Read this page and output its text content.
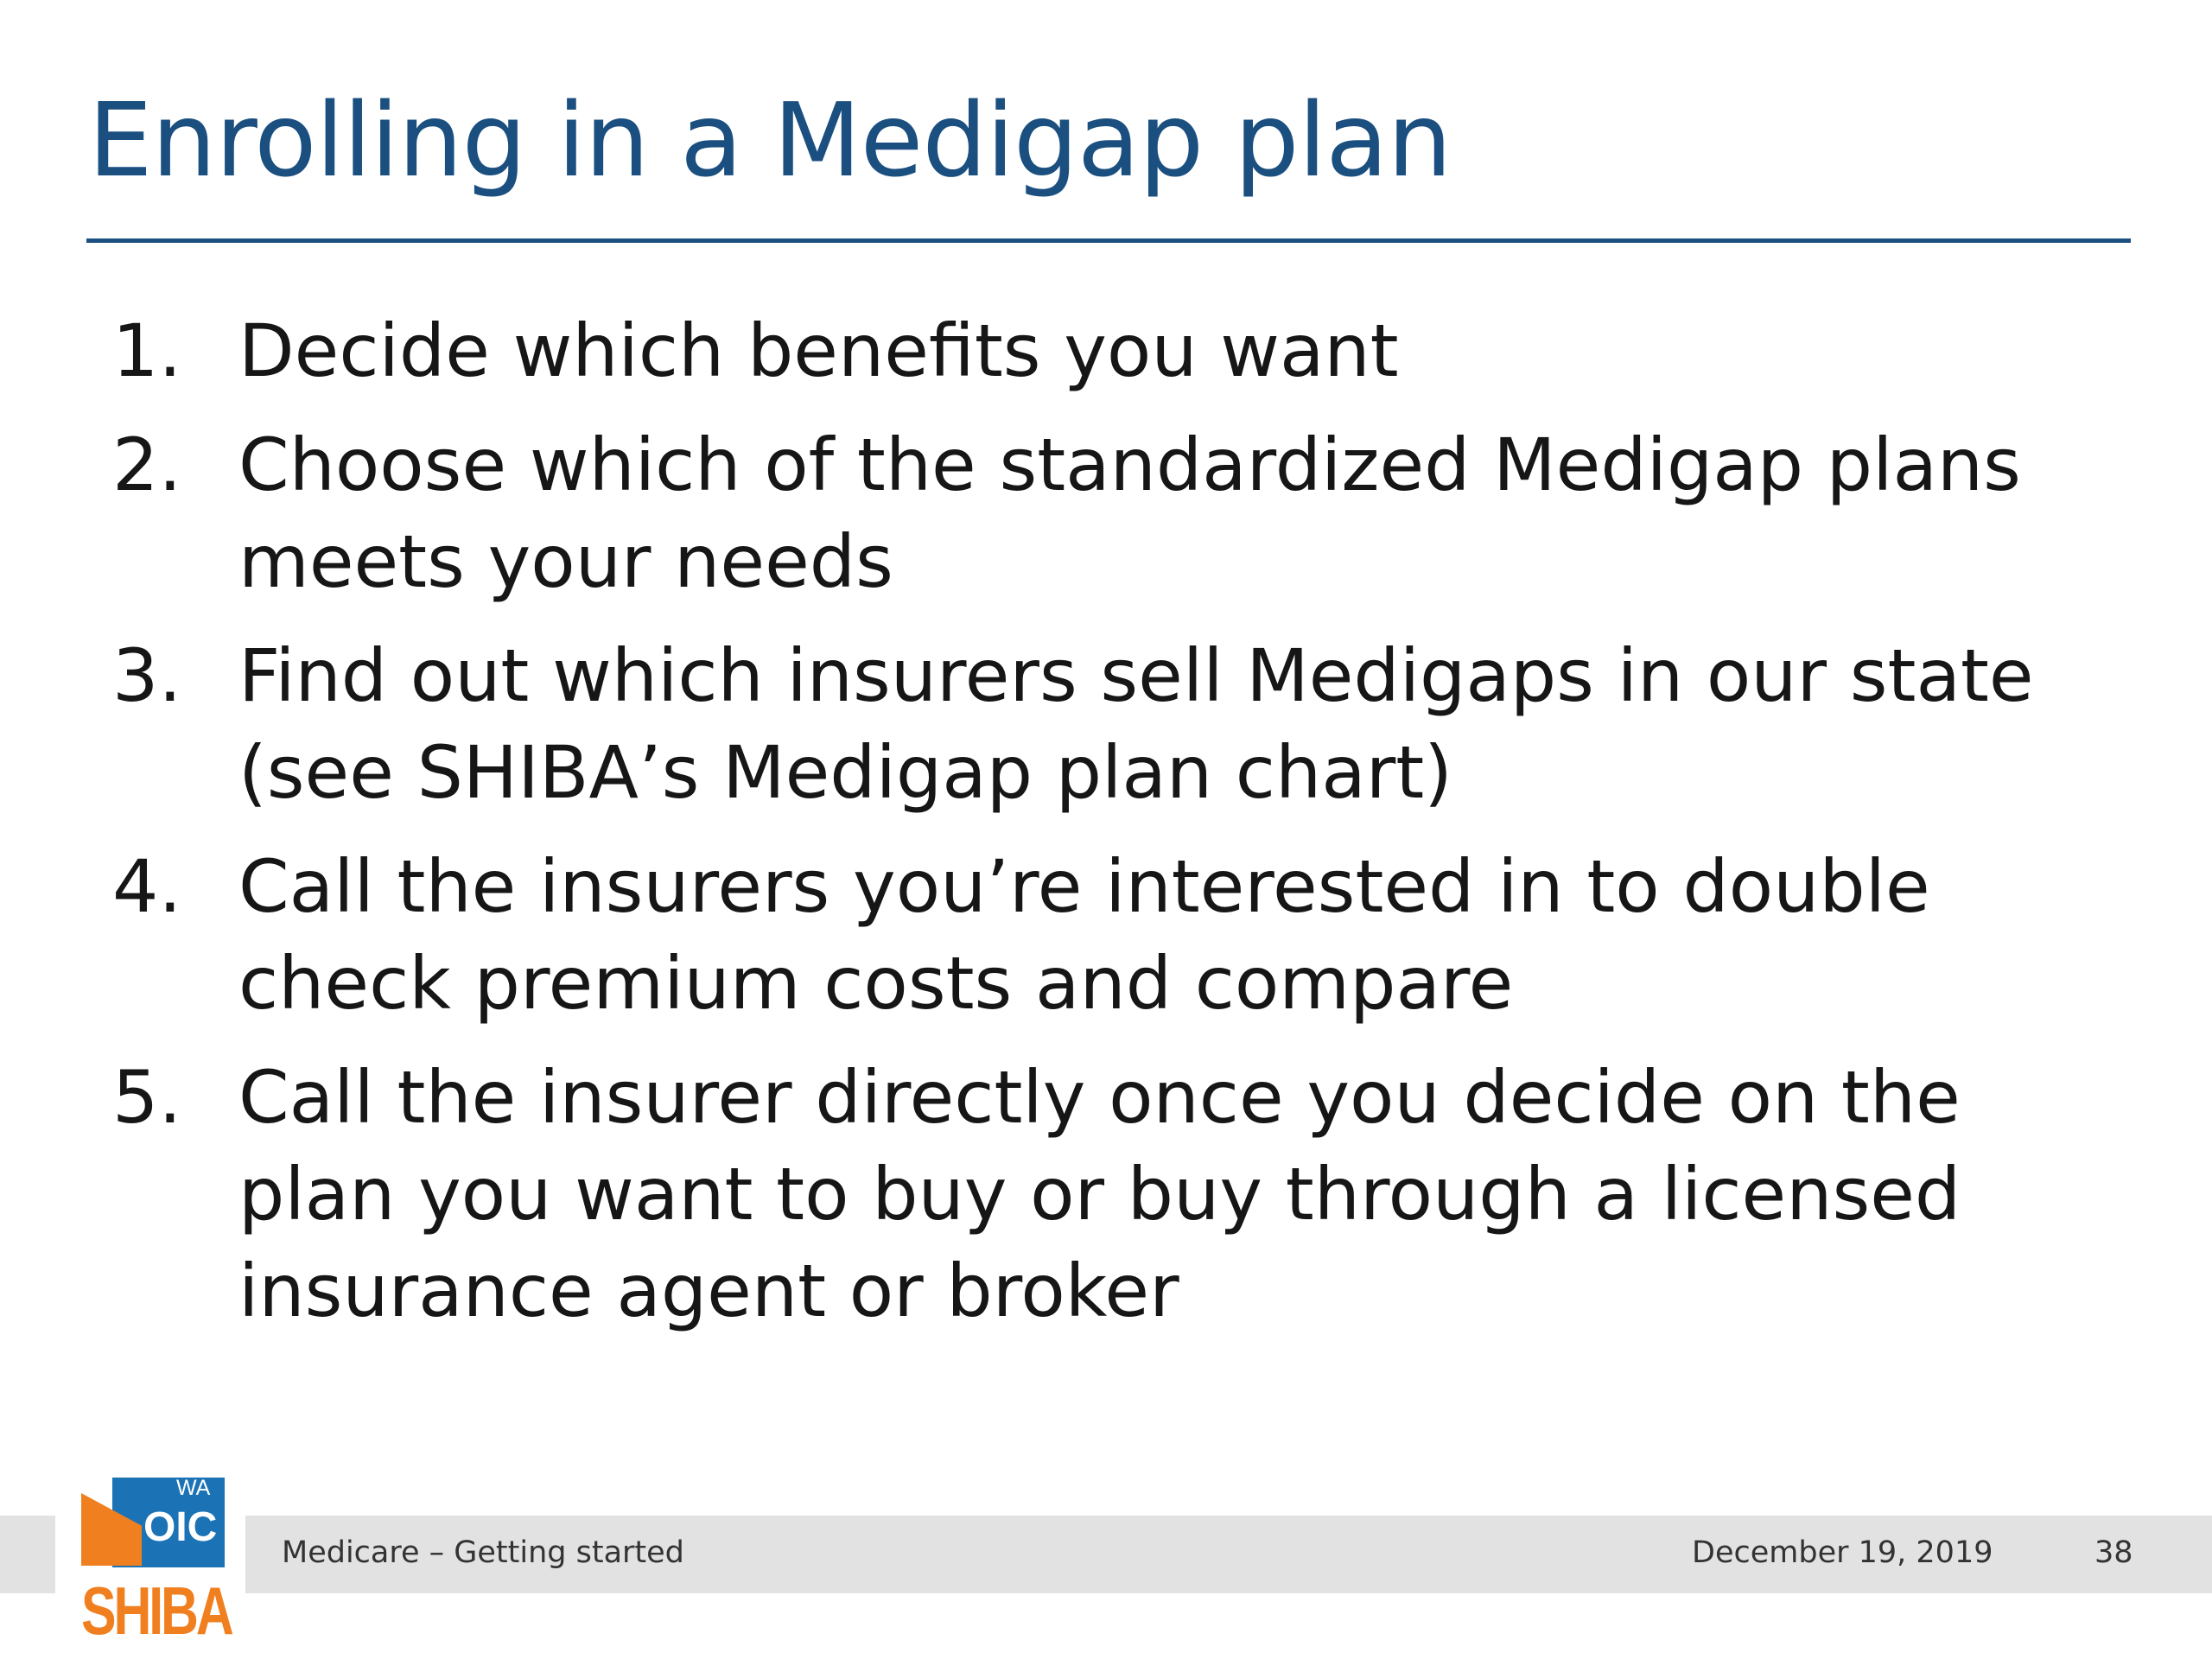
Enrolling in a Medigap plan
1. Decide which benefits you want
2. Choose which of the standardized Medigap plans
meets your needs
3. Find out which insurers sell Medigaps in our state
(see SHIBA’s Medigap plan chart)
4. Call the insurers you’re interested in to double
check premium costs and compare
5. Call the insurer directly once you decide on the
plan you want to buy or buy through a licensed
insurance agent or broker
Medicare – Getting started	December 19, 2019	38
WA
OIC
SHIBA
